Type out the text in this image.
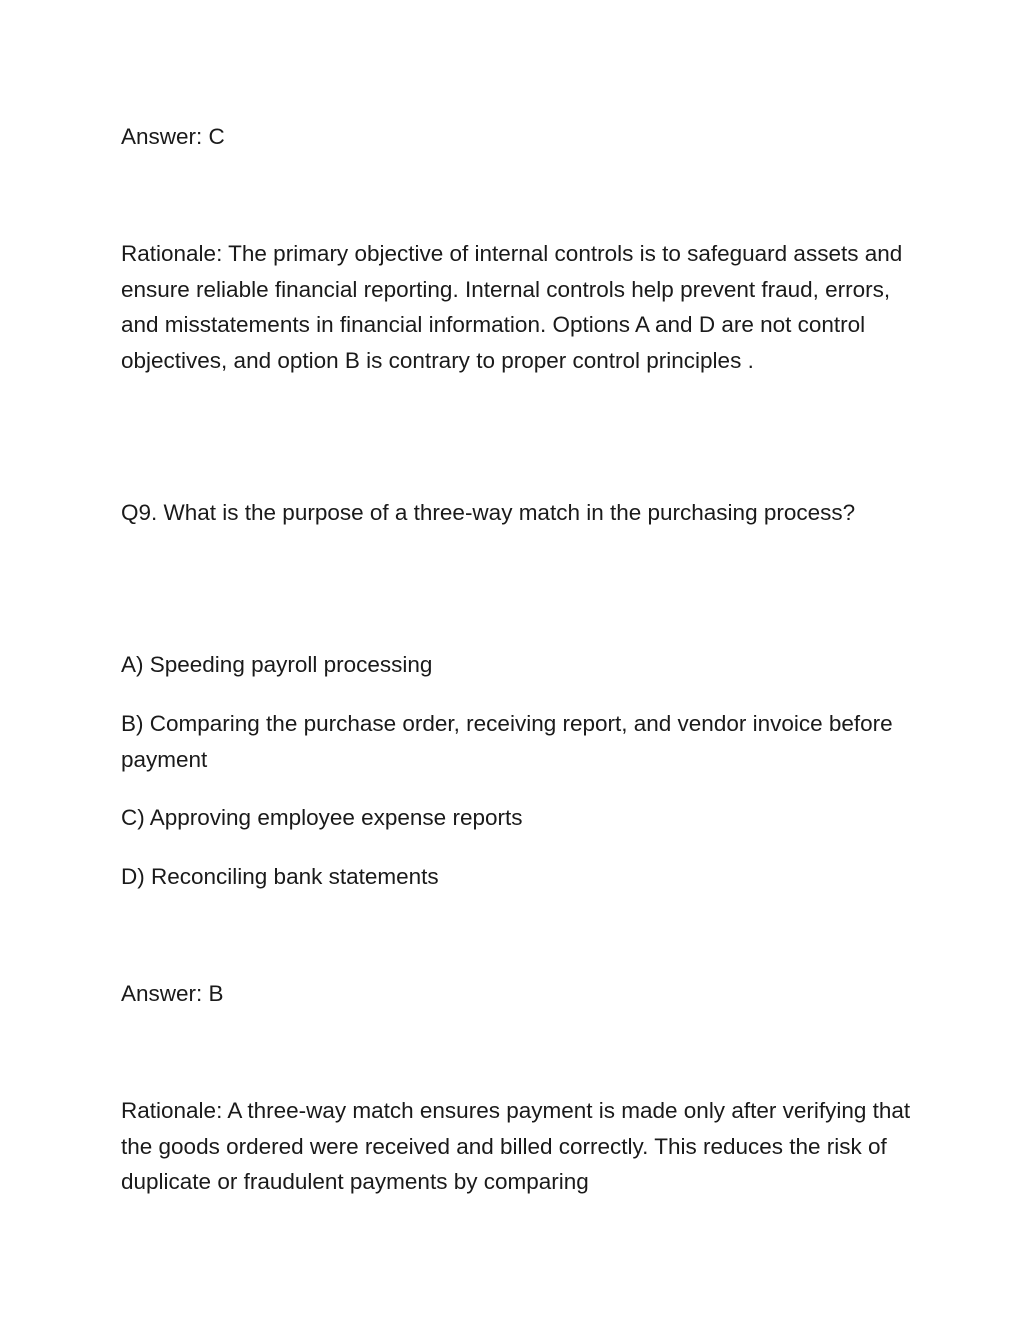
Answer: C

Rationale: The primary objective of internal controls is to safeguard assets and ensure reliable financial reporting. Internal controls help prevent fraud, errors, and misstatements in financial information. Options A and D are not control objectives, and option B is contrary to proper control principles .

Q9. What is the purpose of a three-way match in the purchasing process?

A) Speeding payroll processing

B) Comparing the purchase order, receiving report, and vendor invoice before payment

C) Approving employee expense reports

D) Reconciling bank statements

Answer: B

Rationale: A three-way match ensures payment is made only after verifying that the goods ordered were received and billed correctly. This reduces the risk of duplicate or fraudulent payments by comparing
